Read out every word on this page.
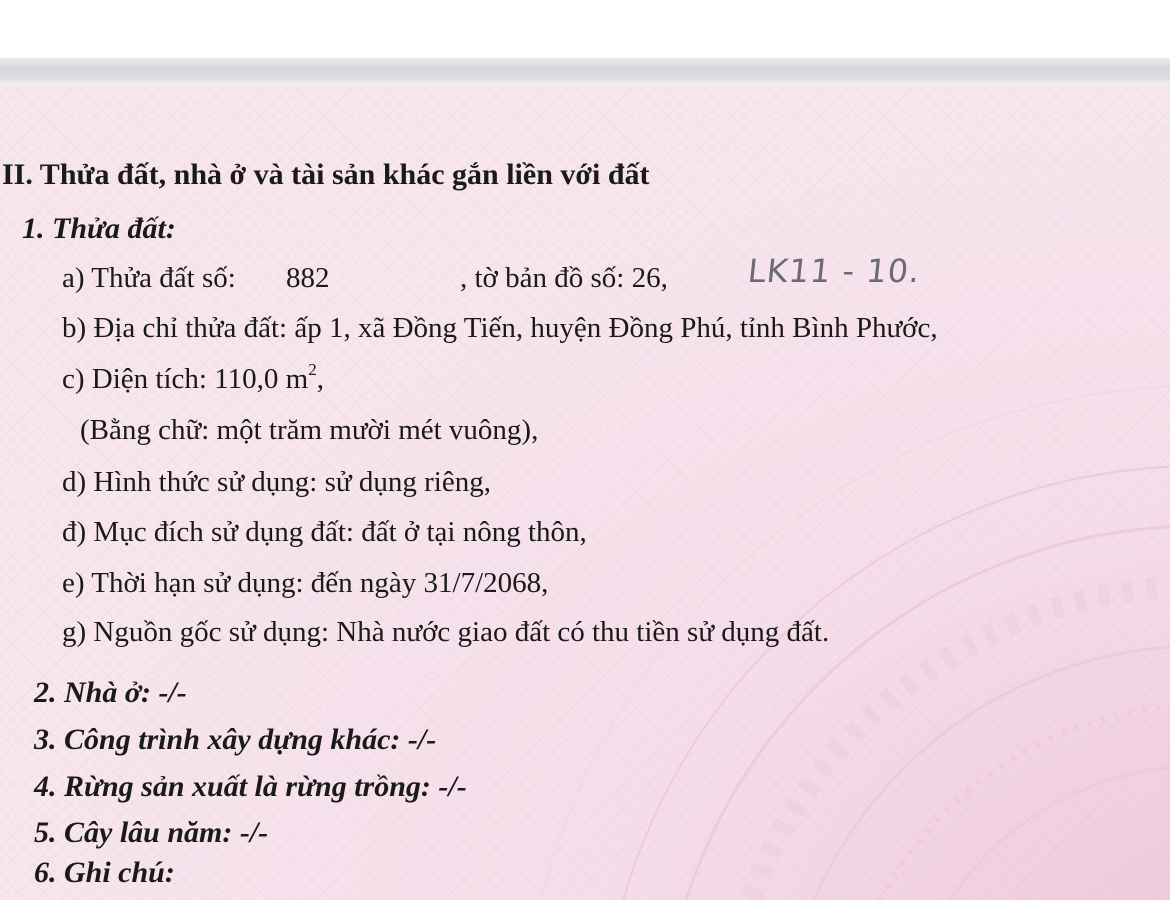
II. Thửa đất, nhà ở và tài sản khác gắn liền với đất
1. Thửa đất:
a) Thửa đất số: 882	, tờ bản đồ số: 26, LK11 - 10.
b) Địa chỉ thửa đất: ấp 1, xã Đồng Tiến, huyện Đồng Phú, tỉnh Bình Phước,
c) Diện tích: 110,0 $m^2$,
(Bằng chữ: một trăm mười mét vuông),
d) Hình thức sử dụng: sử dụng riêng,
đ) Mục đích sử dụng đất: đất ở tại nông thôn,
e) Thời hạn sử dụng: đến ngày 31/7/2068,
g) Nguồn gốc sử dụng: Nhà nước giao đất có thu tiền sử dụng đất.
2. Nhà ở: -/-
3. Công trình xây dựng khác: -/-
4. Rừng sản xuất là rừng trồng: -/-
5. Cây lâu năm: -/-
6. Ghi chú:
